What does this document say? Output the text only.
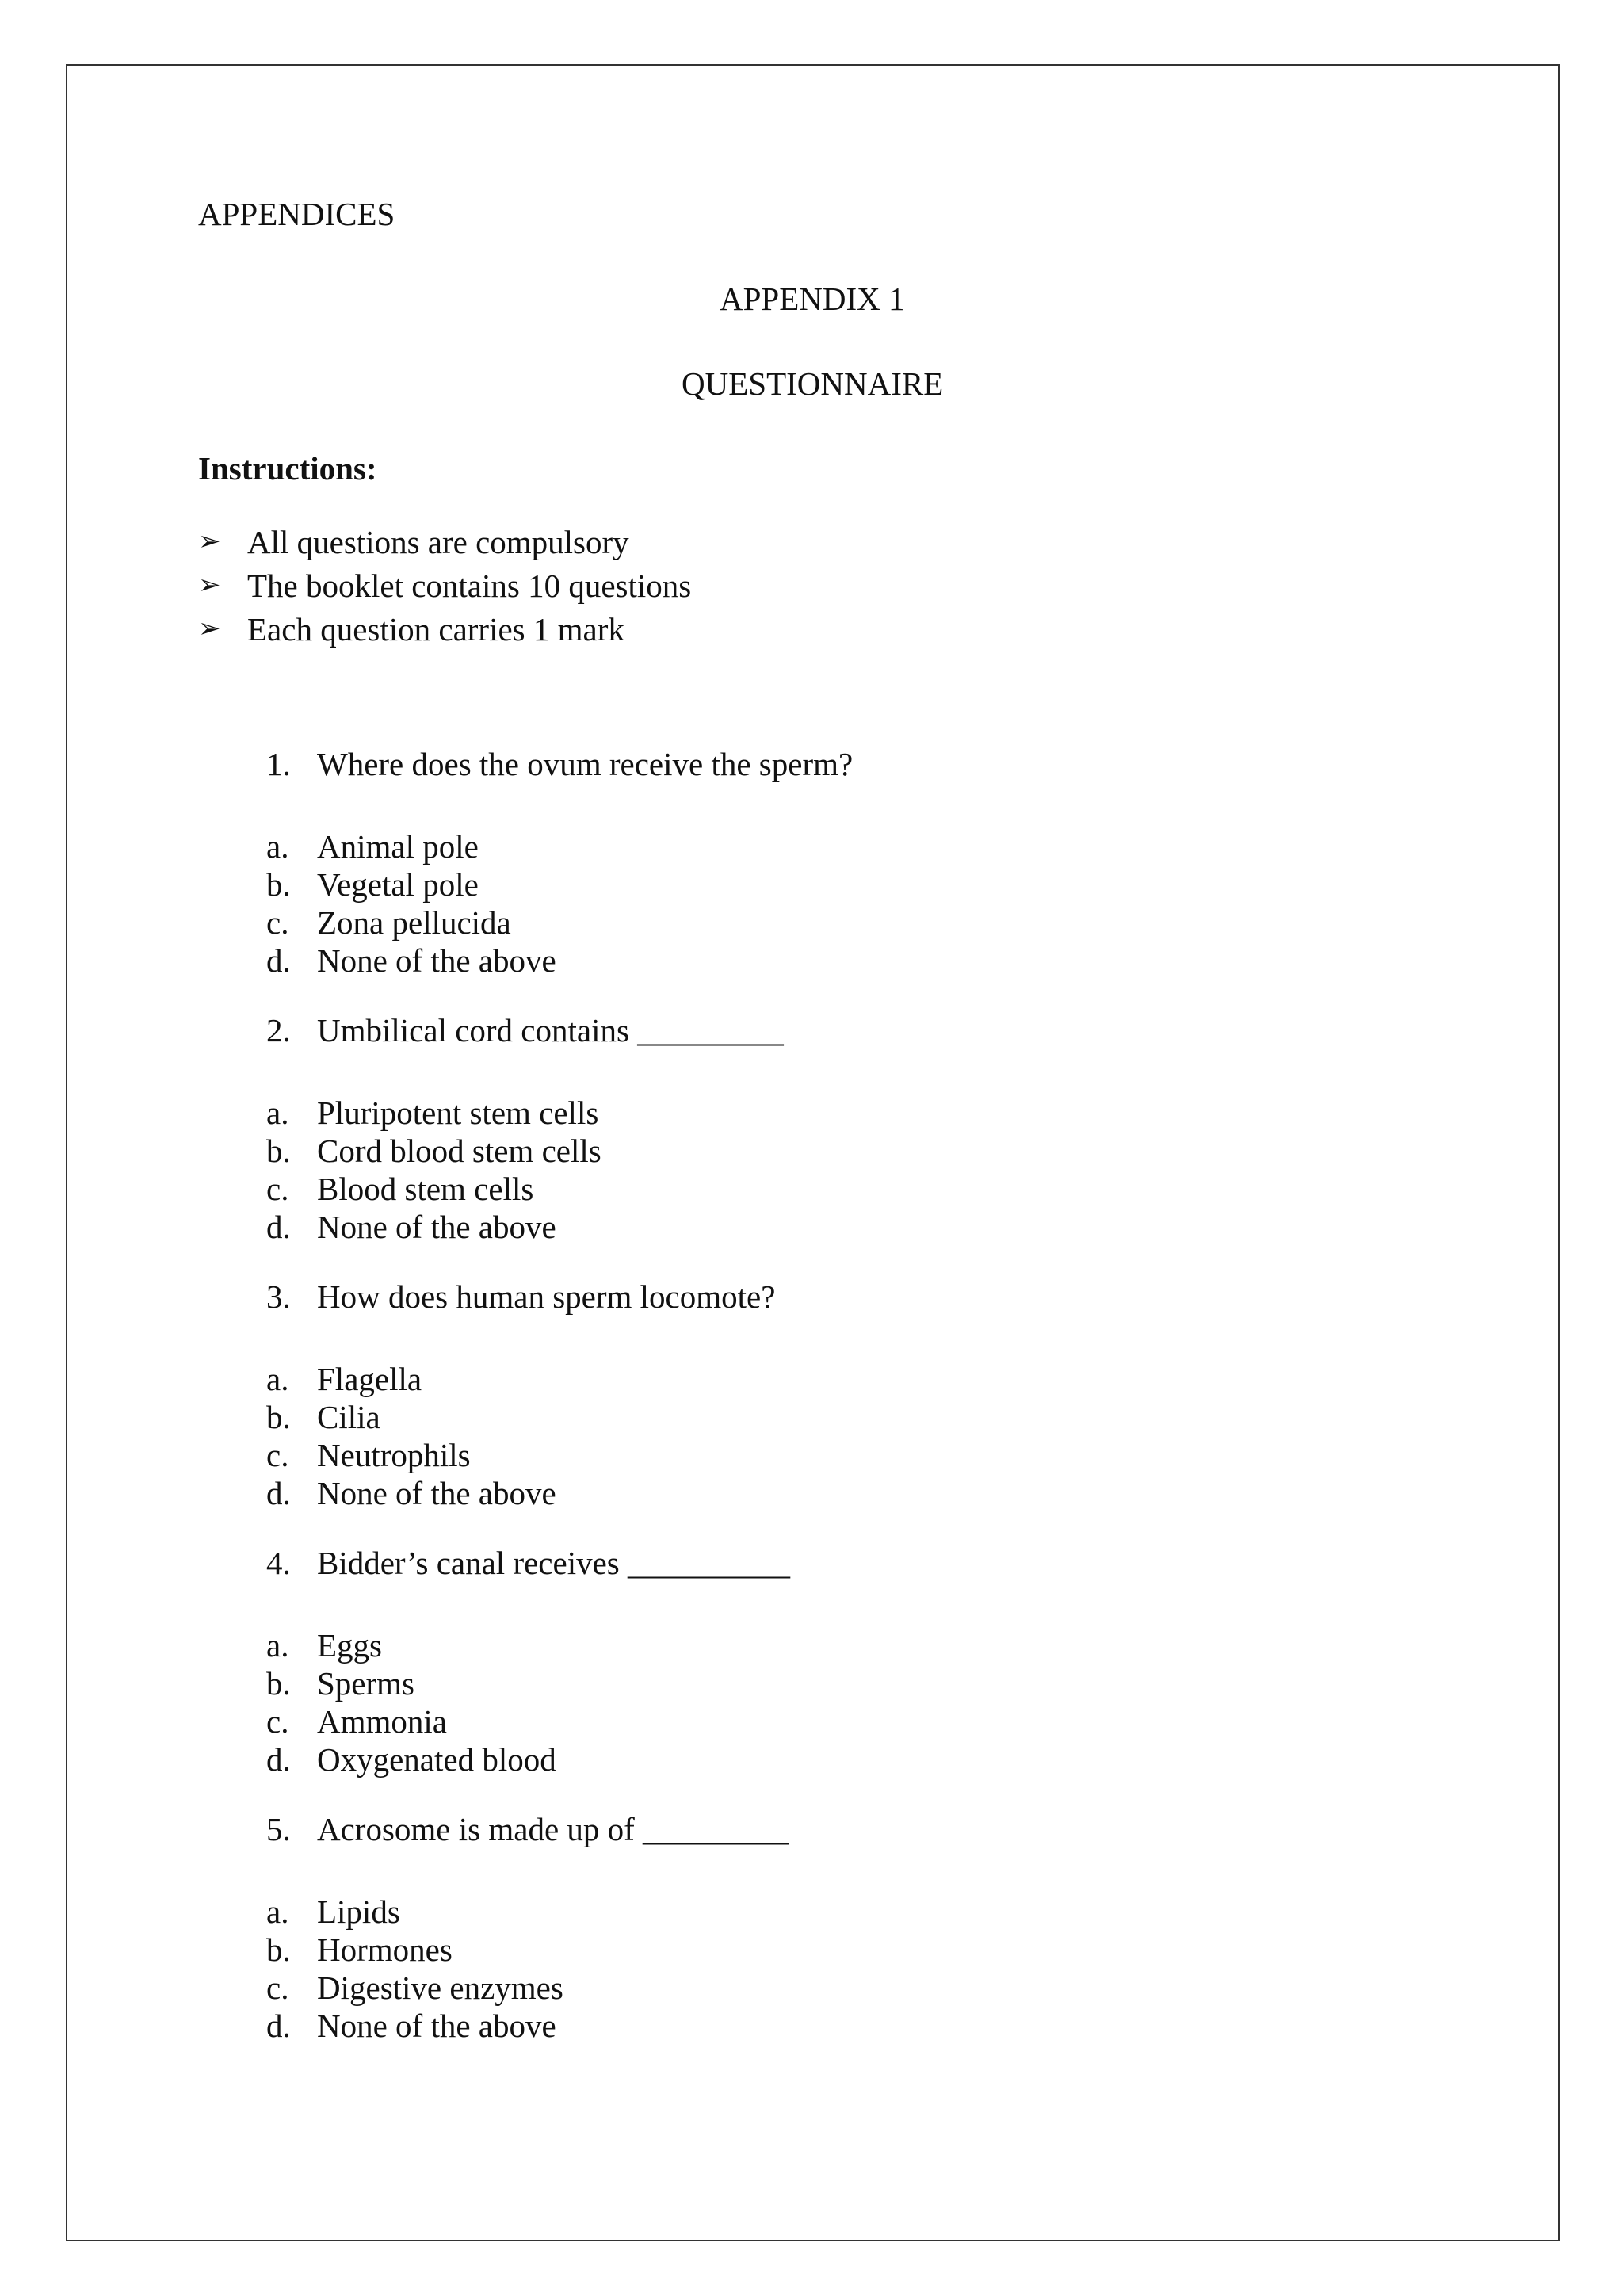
APPENDICES
APPENDIX 1
QUESTIONNAIRE
Instructions:
➢ All questions are compulsory
➢ The booklet contains 10 questions
➢ Each question carries 1 mark
1. Where does the ovum receive the sperm?
a. Animal pole
b. Vegetal pole
c. Zona pellucida
d. None of the above
2. Umbilical cord contains _________
a. Pluripotent stem cells
b. Cord blood stem cells
c. Blood stem cells
d. None of the above
3. How does human sperm locomote?
a. Flagella
b. Cilia
c. Neutrophils
d. None of the above
4. Bidder’s canal receives __________
a. Eggs
b. Sperms
c. Ammonia
d. Oxygenated blood
5. Acrosome is made up of _________
a. Lipids
b. Hormones
c. Digestive enzymes
d. None of the above
